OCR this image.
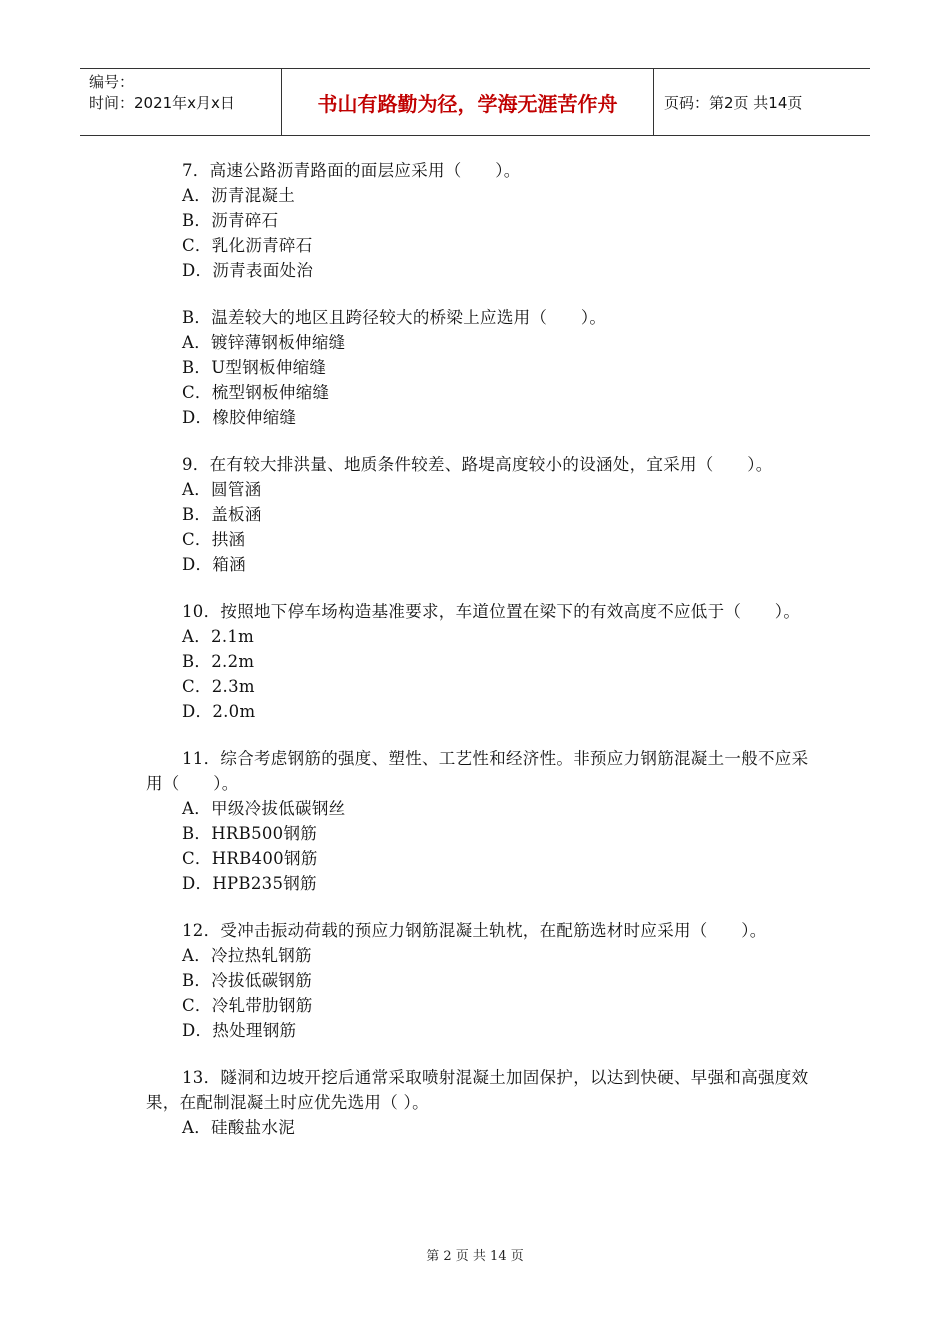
编号：
时间：2021年x月x日	书山有路勤为径，学海无涯苦作舟	页码：第2页 共14页

7．高速公路沥青路面的面层应采用（　　）。

A．沥青混凝土

B．沥青碎石

C．乳化沥青碎石

D．沥青表面处治

B．温差较大的地区且跨径较大的桥梁上应选用（　　）。

A．镀锌薄钢板伸缩缝

B．U型钢板伸缩缝

C．梳型钢板伸缩缝

D．橡胶伸缩缝

9．在有较大排洪量、地质条件较差、路堤高度较小的设涵处，宜采用（　　）。

A．圆管涵

B．盖板涵

C．拱涵

D．箱涵

10．按照地下停车场构造基准要求，车道位置在梁下的有效高度不应低于（　　）。

A．2.1m

B．2.2m

C．2.3m

D．2.0m

11．综合考虑钢筋的强度、塑性、工艺性和经济性。非预应力钢筋混凝土一般不应采用（　　）。

A．甲级冷拔低碳钢丝

B．HRB500钢筋

C．HRB400钢筋

D．HPB235钢筋

12．受冲击振动荷载的预应力钢筋混凝土轨枕，在配筋选材时应采用（　　）。

A．冷拉热轧钢筋

B．冷拔低碳钢筋

C．冷轧带肋钢筋

D．热处理钢筋

13．隧洞和边坡开挖后通常采取喷射混凝土加固保护，以达到快硬、早强和高强度效果，在配制混凝土时应优先选用（ ）。

A．硅酸盐水泥

第 2 页 共 14 页
